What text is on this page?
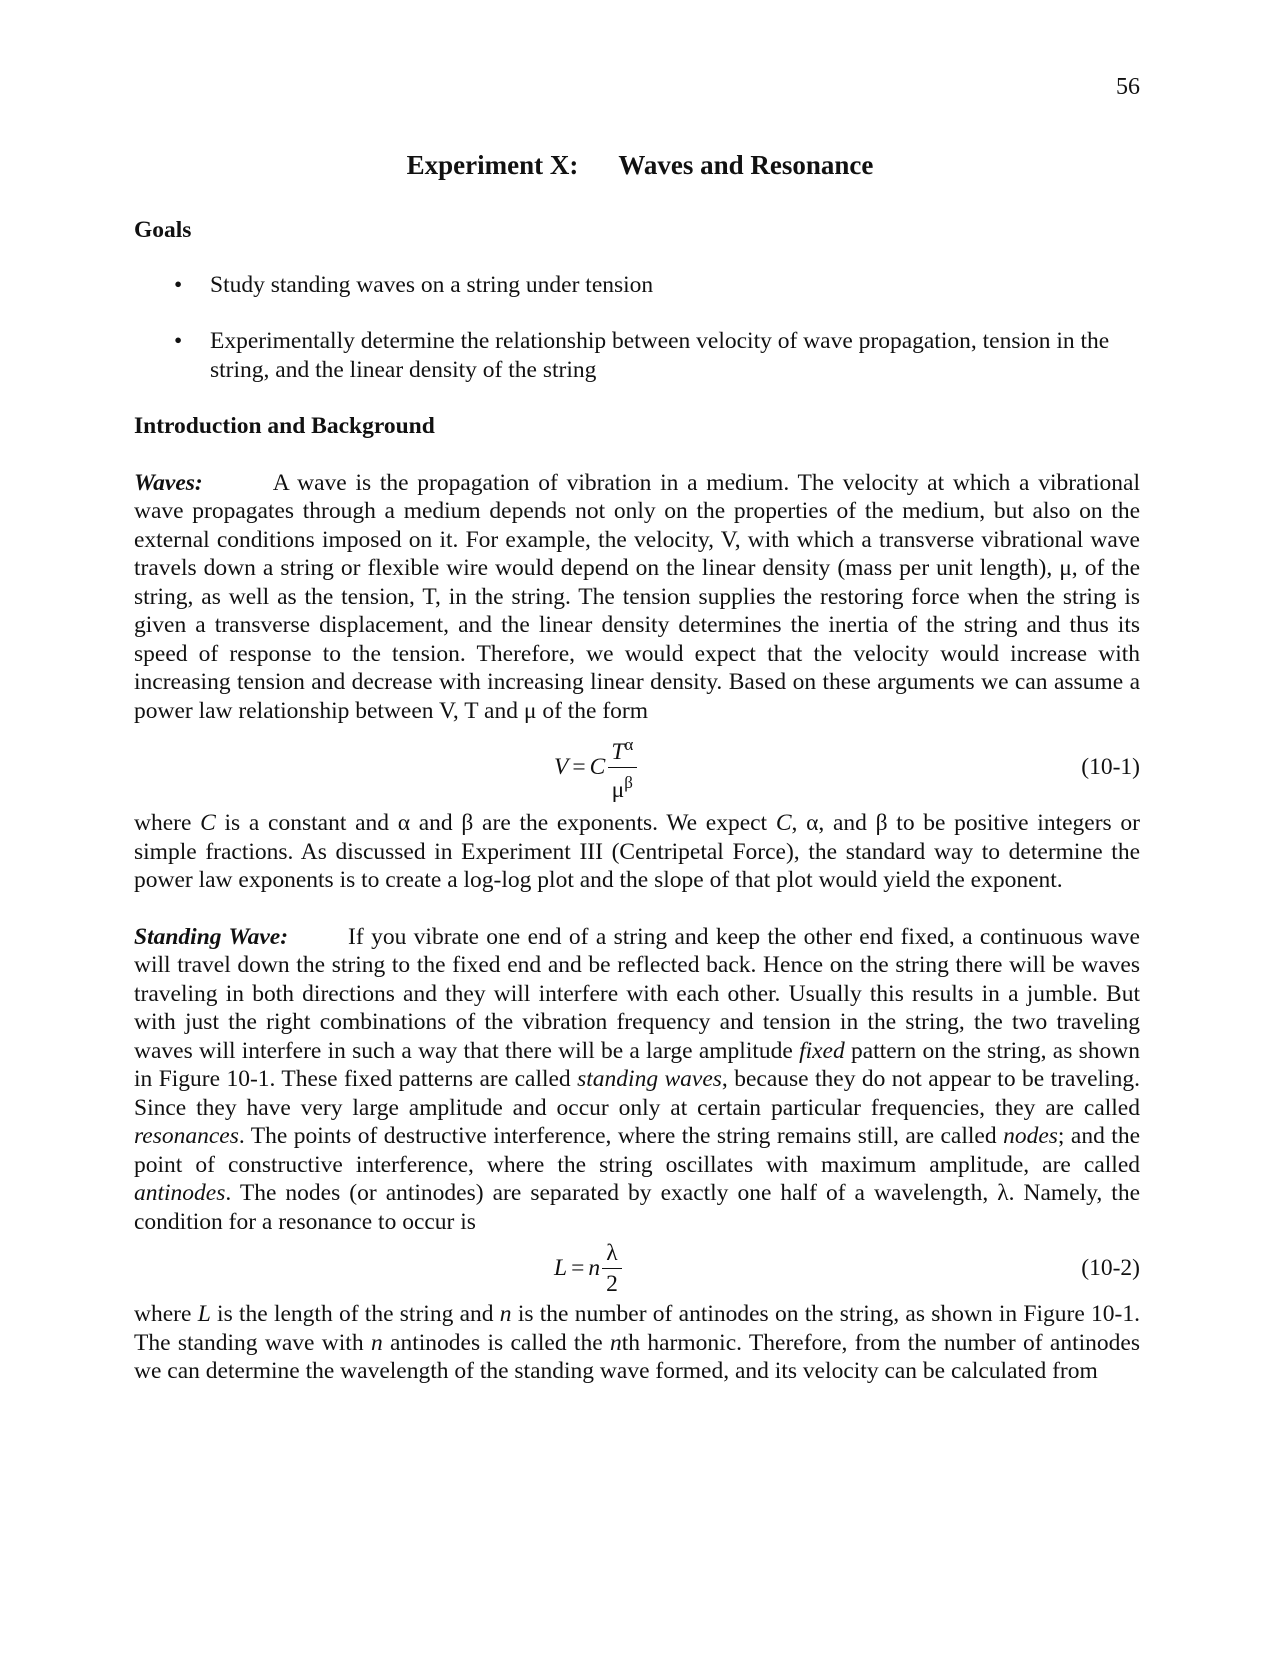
56
Experiment X: Waves and Resonance
Goals
• Study standing waves on a string under tension
• Experimentally determine the relationship between velocity of wave propagation, tension in the string, and the linear density of the string
Introduction and Background

Waves:	A wave is the propagation of vibration in a medium. The velocity at which a vibrational wave propagates through a medium depends not only on the properties of the medium, but also on the external conditions imposed on it. For example, the velocity, V, with which a transverse vibrational wave travels down a string or flexible wire would depend on the linear density (mass per unit length), μ, of the string, as well as the tension, T, in the string. The tension supplies the restoring force when the string is given a transverse displacement, and the linear density determines the inertia of the string and thus its speed of response to the tension. Therefore, we would expect that the velocity would increase with increasing tension and decrease with increasing linear density. Based on these arguments we can assume a power law relationship between V, T and μ of the form

V = C $\frac{T^\alpha}{\mu^\beta}$	(10-1)

where C is a constant and α and β are the exponents. We expect C, α, and β to be positive integers or simple fractions. As discussed in Experiment III (Centripetal Force), the standard way to determine the power law exponents is to create a log-log plot and the slope of that plot would yield the exponent.

Standing Wave:	If you vibrate one end of a string and keep the other end fixed, a continuous wave will travel down the string to the fixed end and be reflected back. Hence on the string there will be waves traveling in both directions and they will interfere with each other. Usually this results in a jumble. But with just the right combinations of the vibration frequency and tension in the string, the two traveling waves will interfere in such a way that there will be a large amplitude fixed pattern on the string, as shown in Figure 10-1. These fixed patterns are called standing waves, because they do not appear to be traveling. Since they have very large amplitude and occur only at certain particular frequencies, they are called resonances. The points of destructive interference, where the string remains still, are called nodes; and the point of constructive interference, where the string oscillates with maximum amplitude, are called antinodes. The nodes (or antinodes) are separated by exactly one half of a wavelength, λ. Namely, the condition for a resonance to occur is

L = n $\frac{\lambda}{2}$	(10-2)

where L is the length of the string and n is the number of antinodes on the string, as shown in Figure 10-1. The standing wave with n antinodes is called the nth harmonic. Therefore, from the number of antinodes we can determine the wavelength of the standing wave formed, and its velocity can be calculated from
